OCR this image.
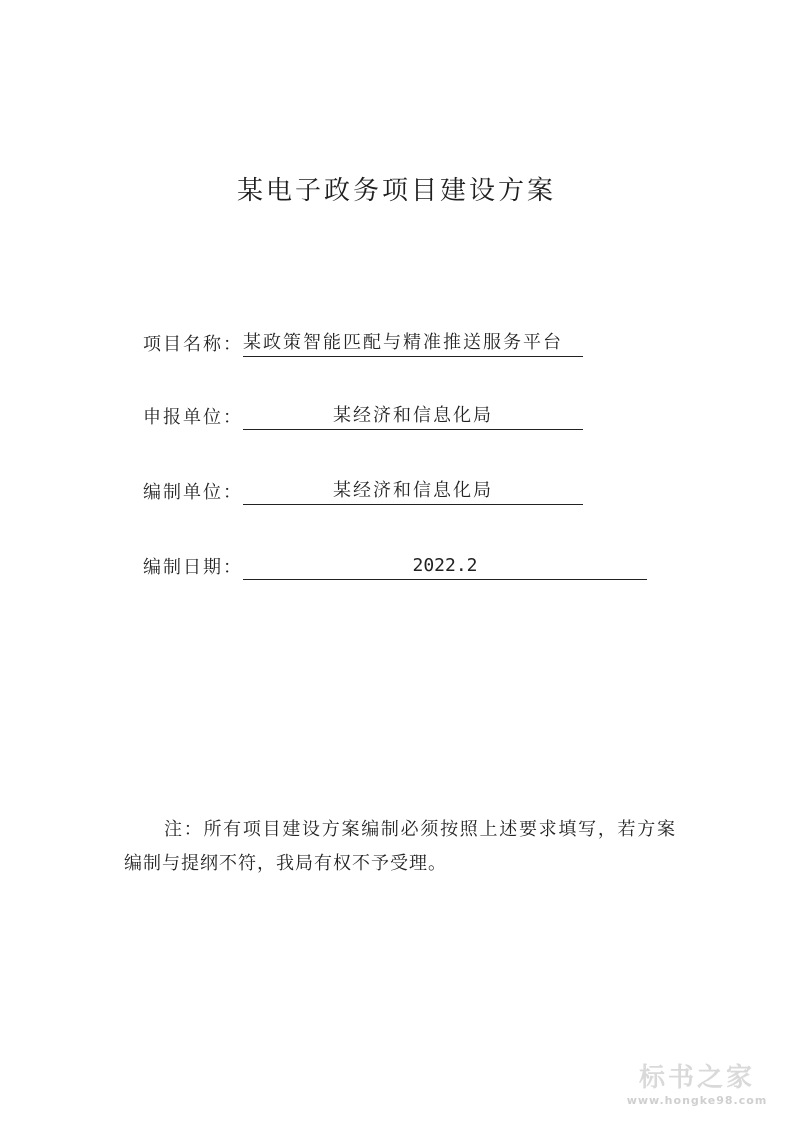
某电子政务项目建设方案
项目名称： 某政策智能匹配与精准推送服务平台
申报单位：	某经济和信息化局
编制单位：	某经济和信息化局
编制日期：	2022.2

注：所有项目建设方案编制必须按照上述要求填写，若方案编制与提纲不符，我局有权不予受理。

标书之家
www.hongke98.com
